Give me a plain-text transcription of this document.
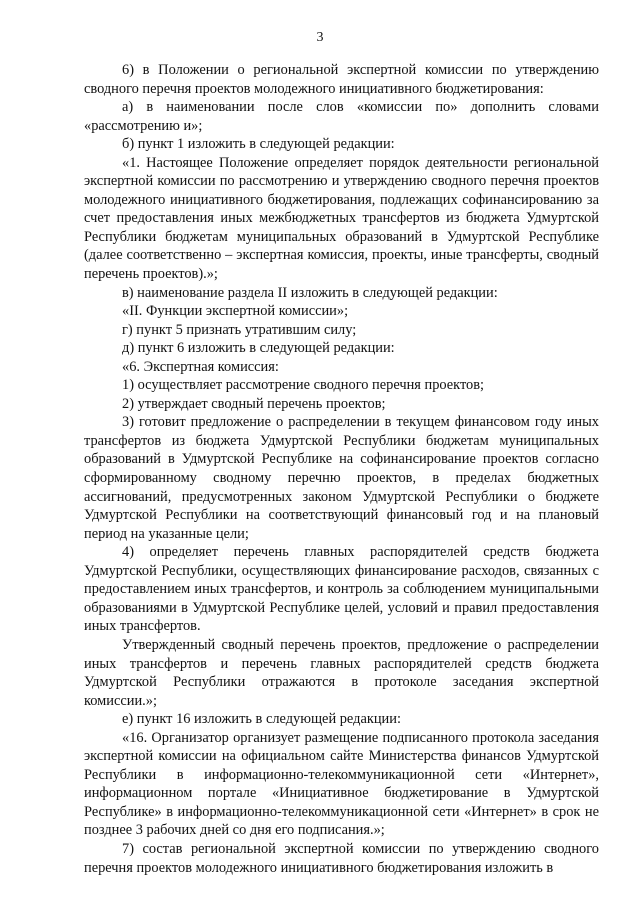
3

6) в Положении о региональной экспертной комиссии по утверждению сводного перечня проектов молодежного инициативного бюджетирования:

а) в наименовании после слов «комиссии по» дополнить словами «рассмотрению и»;

б) пункт 1 изложить в следующей редакции:

«1. Настоящее Положение определяет порядок деятельности региональной экспертной комиссии по рассмотрению и утверждению сводного перечня проектов молодежного инициативного бюджетирования, подлежащих софинансированию за счет предоставления иных межбюджетных трансфертов из бюджета Удмуртской Республики бюджетам муниципальных образований в Удмуртской Республике (далее соответственно – экспертная комиссия, проекты, иные трансферты, сводный перечень проектов).»;

в) наименование раздела II изложить в следующей редакции:

«II. Функции экспертной комиссии»;

г) пункт 5 признать утратившим силу;

д) пункт 6 изложить в следующей редакции:

«6. Экспертная комиссия:

1) осуществляет рассмотрение сводного перечня проектов;

2) утверждает сводный перечень проектов;

3) готовит предложение о распределении в текущем финансовом году иных трансфертов из бюджета Удмуртской Республики бюджетам муниципальных образований в Удмуртской Республике на софинансирование проектов согласно сформированному сводному перечню проектов, в пределах бюджетных ассигнований, предусмотренных законом Удмуртской Республики о бюджете Удмуртской Республики на соответствующий финансовый год и на плановый период на указанные цели;

4) определяет перечень главных распорядителей средств бюджета Удмуртской Республики, осуществляющих финансирование расходов, связанных с предоставлением иных трансфертов, и контроль за соблюдением муниципальными образованиями в Удмуртской Республике целей, условий и правил предоставления иных трансфертов.

Утвержденный сводный перечень проектов, предложение о распределении иных трансфертов и перечень главных распорядителей средств бюджета Удмуртской Республики отражаются в протоколе заседания экспертной комиссии.»;

е) пункт 16 изложить в следующей редакции:

«16. Организатор организует размещение подписанного протокола заседания экспертной комиссии на официальном сайте Министерства финансов Удмуртской Республики в информационно-телекоммуникационной сети «Интернет», информационном портале «Инициативное бюджетирование в Удмуртской Республике» в информационно-телекоммуникационной сети «Интернет» в срок не позднее 3 рабочих дней со дня его подписания.»;

7) состав региональной экспертной комиссии по утверждению сводного перечня проектов молодежного инициативного бюджетирования изложить в
